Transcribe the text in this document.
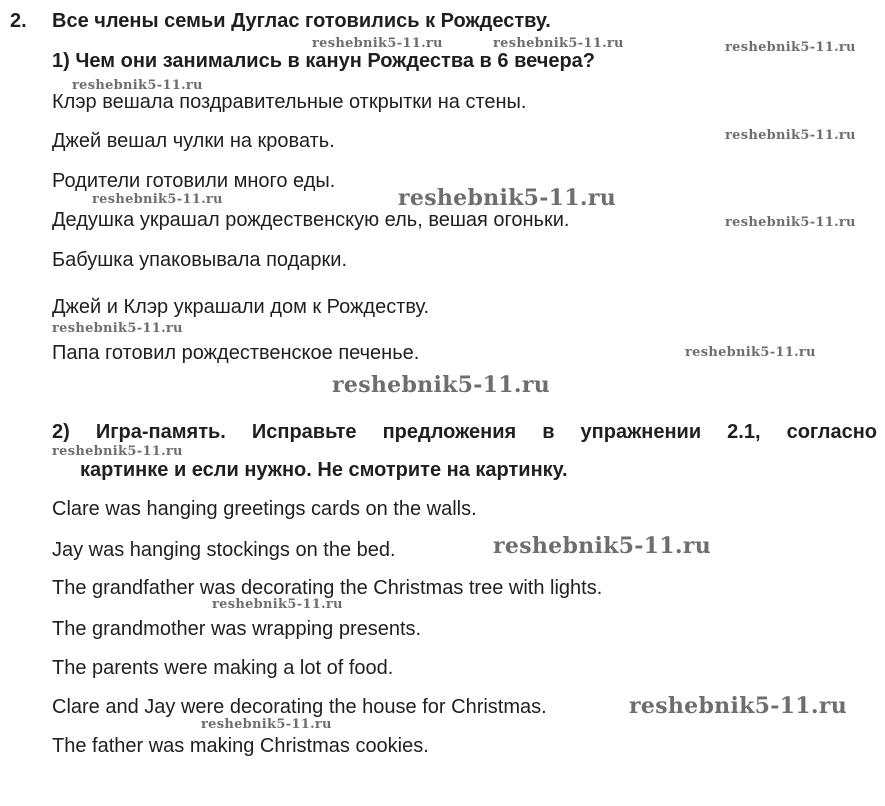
2. Все члены семьи Дуглас готовились к Рождеству.
1) Чем они занимались в канун Рождества в 6 вечера?
Клэр вешала поздравительные открытки на стены.
Джей вешал чулки на кровать.
Родители готовили много еды.
Дедушка украшал рождественскую ель, вешая огоньки.
Бабушка упаковывала подарки.
Джей и Клэр украшали дом к Рождеству.
Папа готовил рождественское печенье.
2) Игра-память. Исправьте предложения в упражнении 2.1, согласно
картинке и если нужно. Не смотрите на картинку.
Clare was hanging greetings cards on the walls.
Jay was hanging stockings on the bed.
The grandfather was decorating the Christmas tree with lights.
The grandmother was wrapping presents.
The parents were making a lot of food.
Clare and Jay were decorating the house for Christmas.
The father was making Christmas cookies.
reshebnik5-11.ru	reshebnik5-11.ru	reshebnik5-11.ru
reshebnik5-11.ru
reshebnik5-11.ru
reshebnik5-11.ru	reshebnik5-11.ru
reshebnik5-11.ru
reshebnik5-11.ru
reshebnik5-11.ru
reshebnik5-11.ru
reshebnik5-11.ru
reshebnik5-11.ru
reshebnik5-11.ru
reshebnik5-11.ru
reshebnik5-11.ru
